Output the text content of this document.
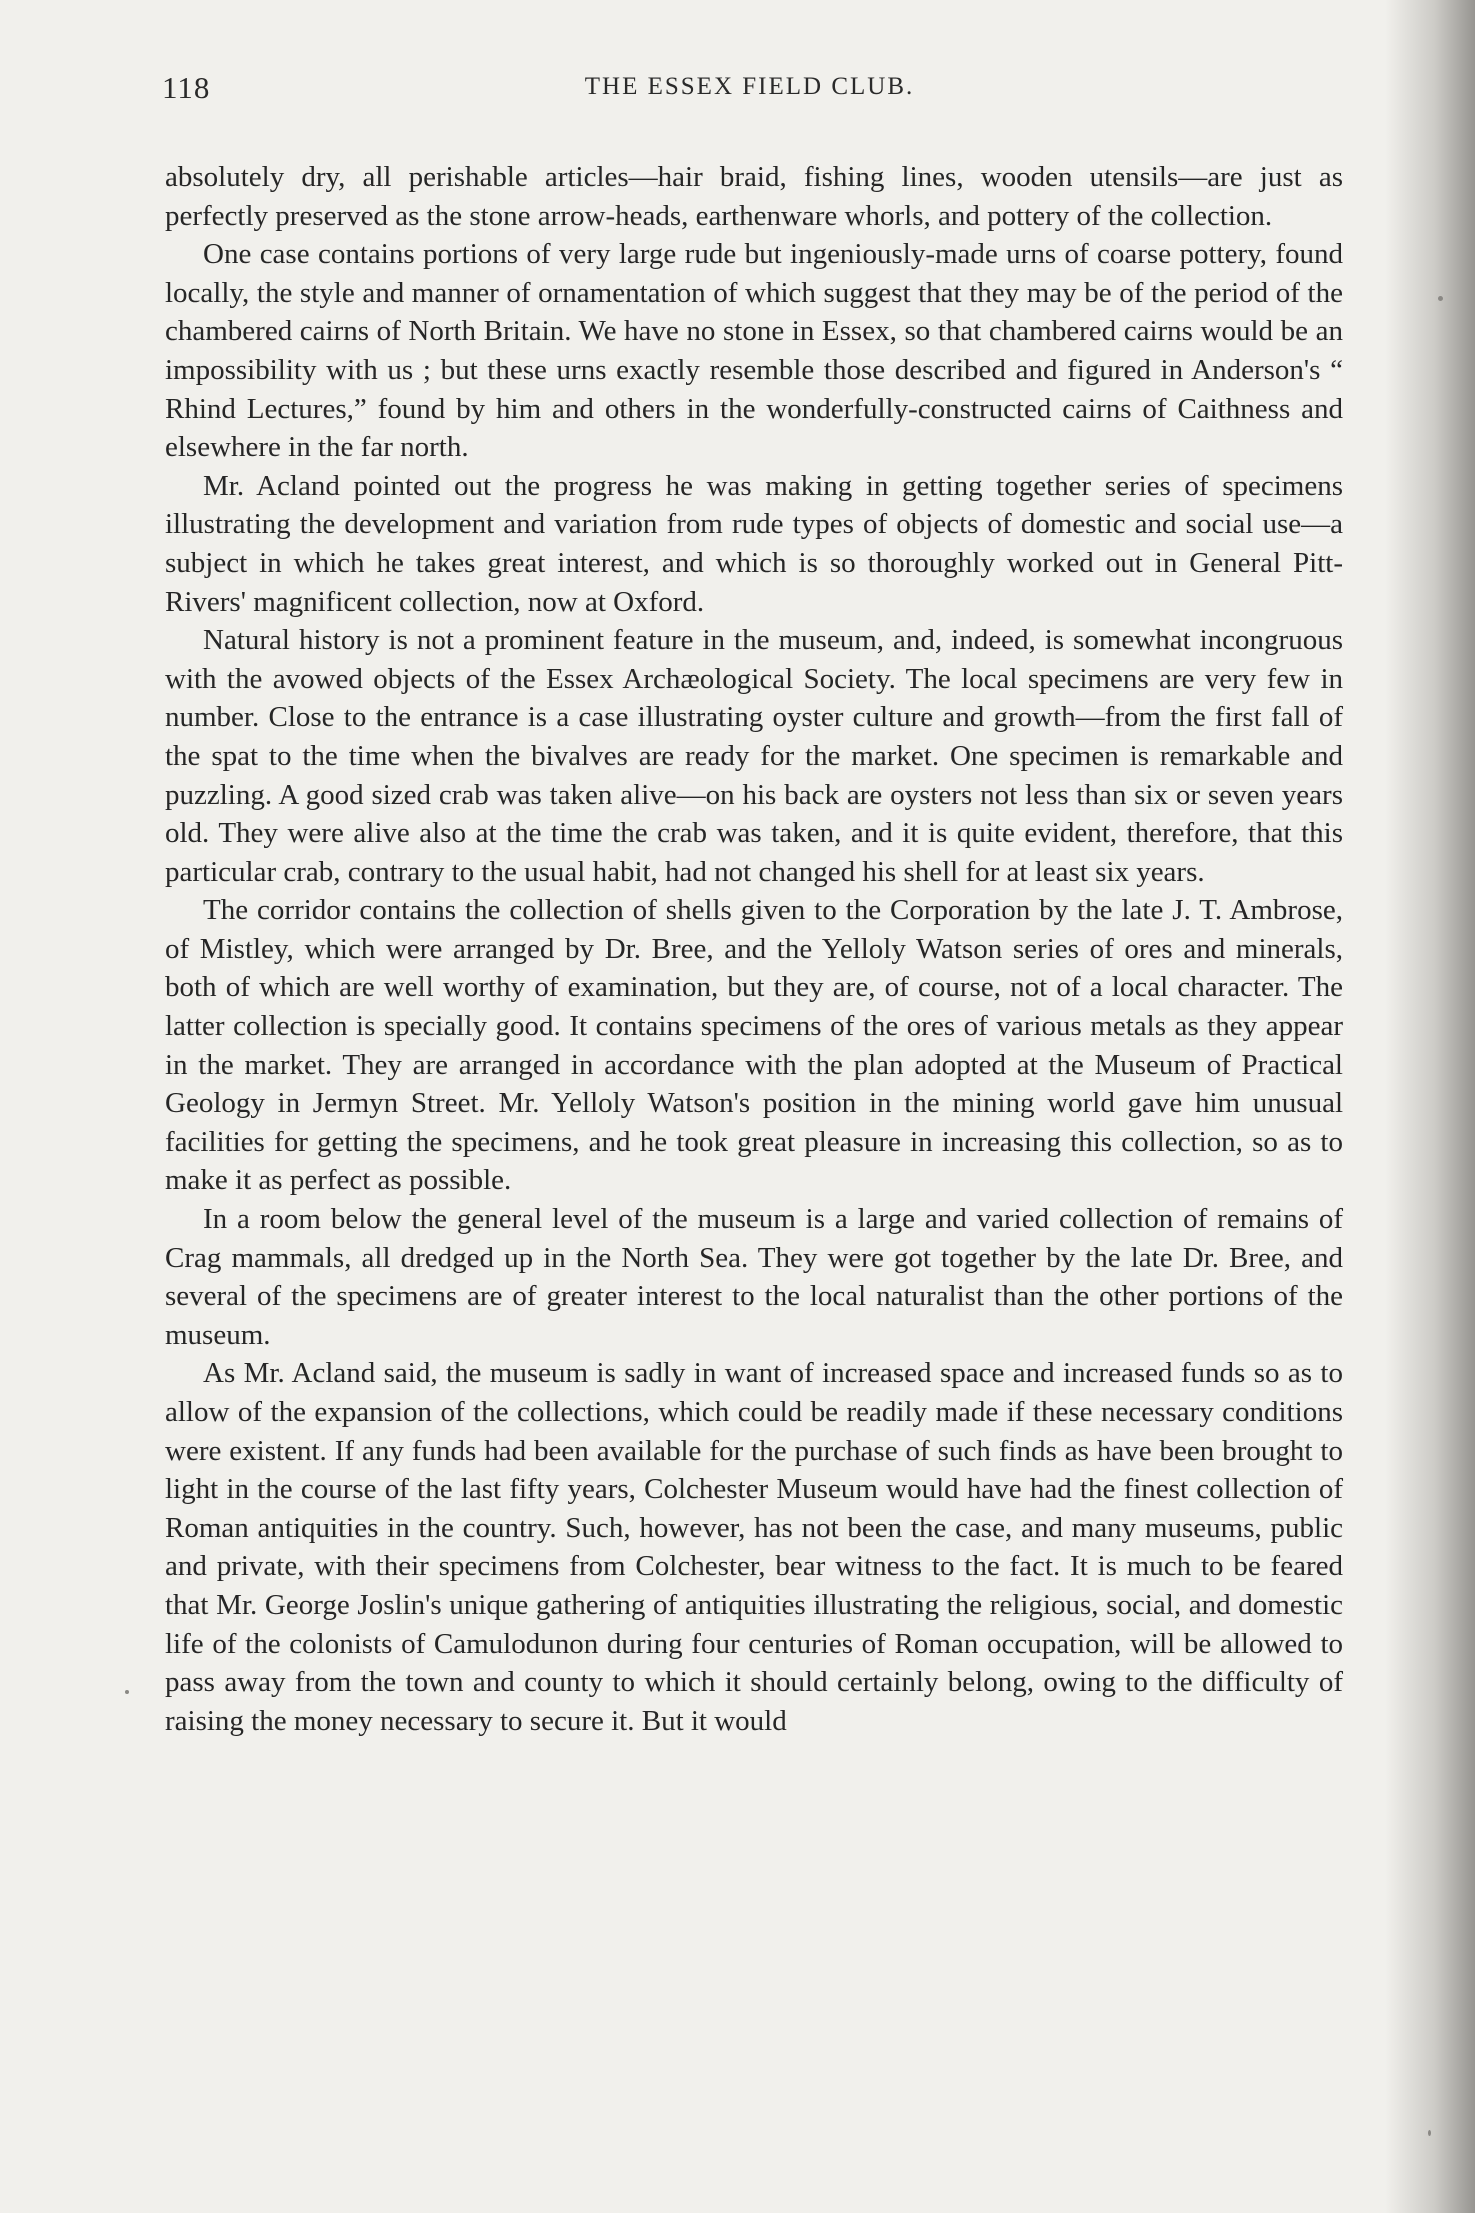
118	THE ESSEX FIELD CLUB.

absolutely dry, all perishable articles—hair braid, fishing lines, wooden utensils—are just as perfectly preserved as the stone arrow-heads, earthenware whorls, and pottery of the collection.

One case contains portions of very large rude but ingeniously-made urns of coarse pottery, found locally, the style and manner of ornamentation of which suggest that they may be of the period of the chambered cairns of North Britain. We have no stone in Essex, so that chambered cairns would be an impossibility with us ; but these urns exactly resemble those described and figured in Anderson's “ Rhind Lectures,” found by him and others in the wonderfully-constructed cairns of Caithness and elsewhere in the far north.

Mr. Acland pointed out the progress he was making in getting together series of specimens illustrating the development and variation from rude types of objects of domestic and social use—a subject in which he takes great interest, and which is so thoroughly worked out in General Pitt-Rivers' magnificent collection, now at Oxford.

Natural history is not a prominent feature in the museum, and, indeed, is somewhat incongruous with the avowed objects of the Essex Archæological Society. The local specimens are very few in number. Close to the entrance is a case illustrating oyster culture and growth—from the first fall of the spat to the time when the bivalves are ready for the market. One specimen is remarkable and puzzling. A good sized crab was taken alive—on his back are oysters not less than six or seven years old. They were alive also at the time the crab was taken, and it is quite evident, therefore, that this particular crab, contrary to the usual habit, had not changed his shell for at least six years.

The corridor contains the collection of shells given to the Corporation by the late J. T. Ambrose, of Mistley, which were arranged by Dr. Bree, and the Yelloly Watson series of ores and minerals, both of which are well worthy of examination, but they are, of course, not of a local character. The latter collection is specially good. It contains specimens of the ores of various metals as they appear in the market. They are arranged in accordance with the plan adopted at the Museum of Practical Geology in Jermyn Street. Mr. Yelloly Watson's position in the mining world gave him unusual facilities for getting the specimens, and he took great pleasure in increasing this collection, so as to make it as perfect as possible.

In a room below the general level of the museum is a large and varied collection of remains of Crag mammals, all dredged up in the North Sea. They were got together by the late Dr. Bree, and several of the specimens are of greater interest to the local naturalist than the other portions of the museum.

As Mr. Acland said, the museum is sadly in want of increased space and increased funds so as to allow of the expansion of the collections, which could be readily made if these necessary conditions were existent. If any funds had been available for the purchase of such finds as have been brought to light in the course of the last fifty years, Colchester Museum would have had the finest collection of Roman antiquities in the country. Such, however, has not been the case, and many museums, public and private, with their specimens from Colchester, bear witness to the fact. It is much to be feared that Mr. George Joslin's unique gathering of antiquities illustrating the religious, social, and domestic life of the colonists of Camulodunon during four centuries of Roman occupation, will be allowed to pass away from the town and county to which it should certainly belong, owing to the difficulty of raising the money necessary to secure it. But it would
